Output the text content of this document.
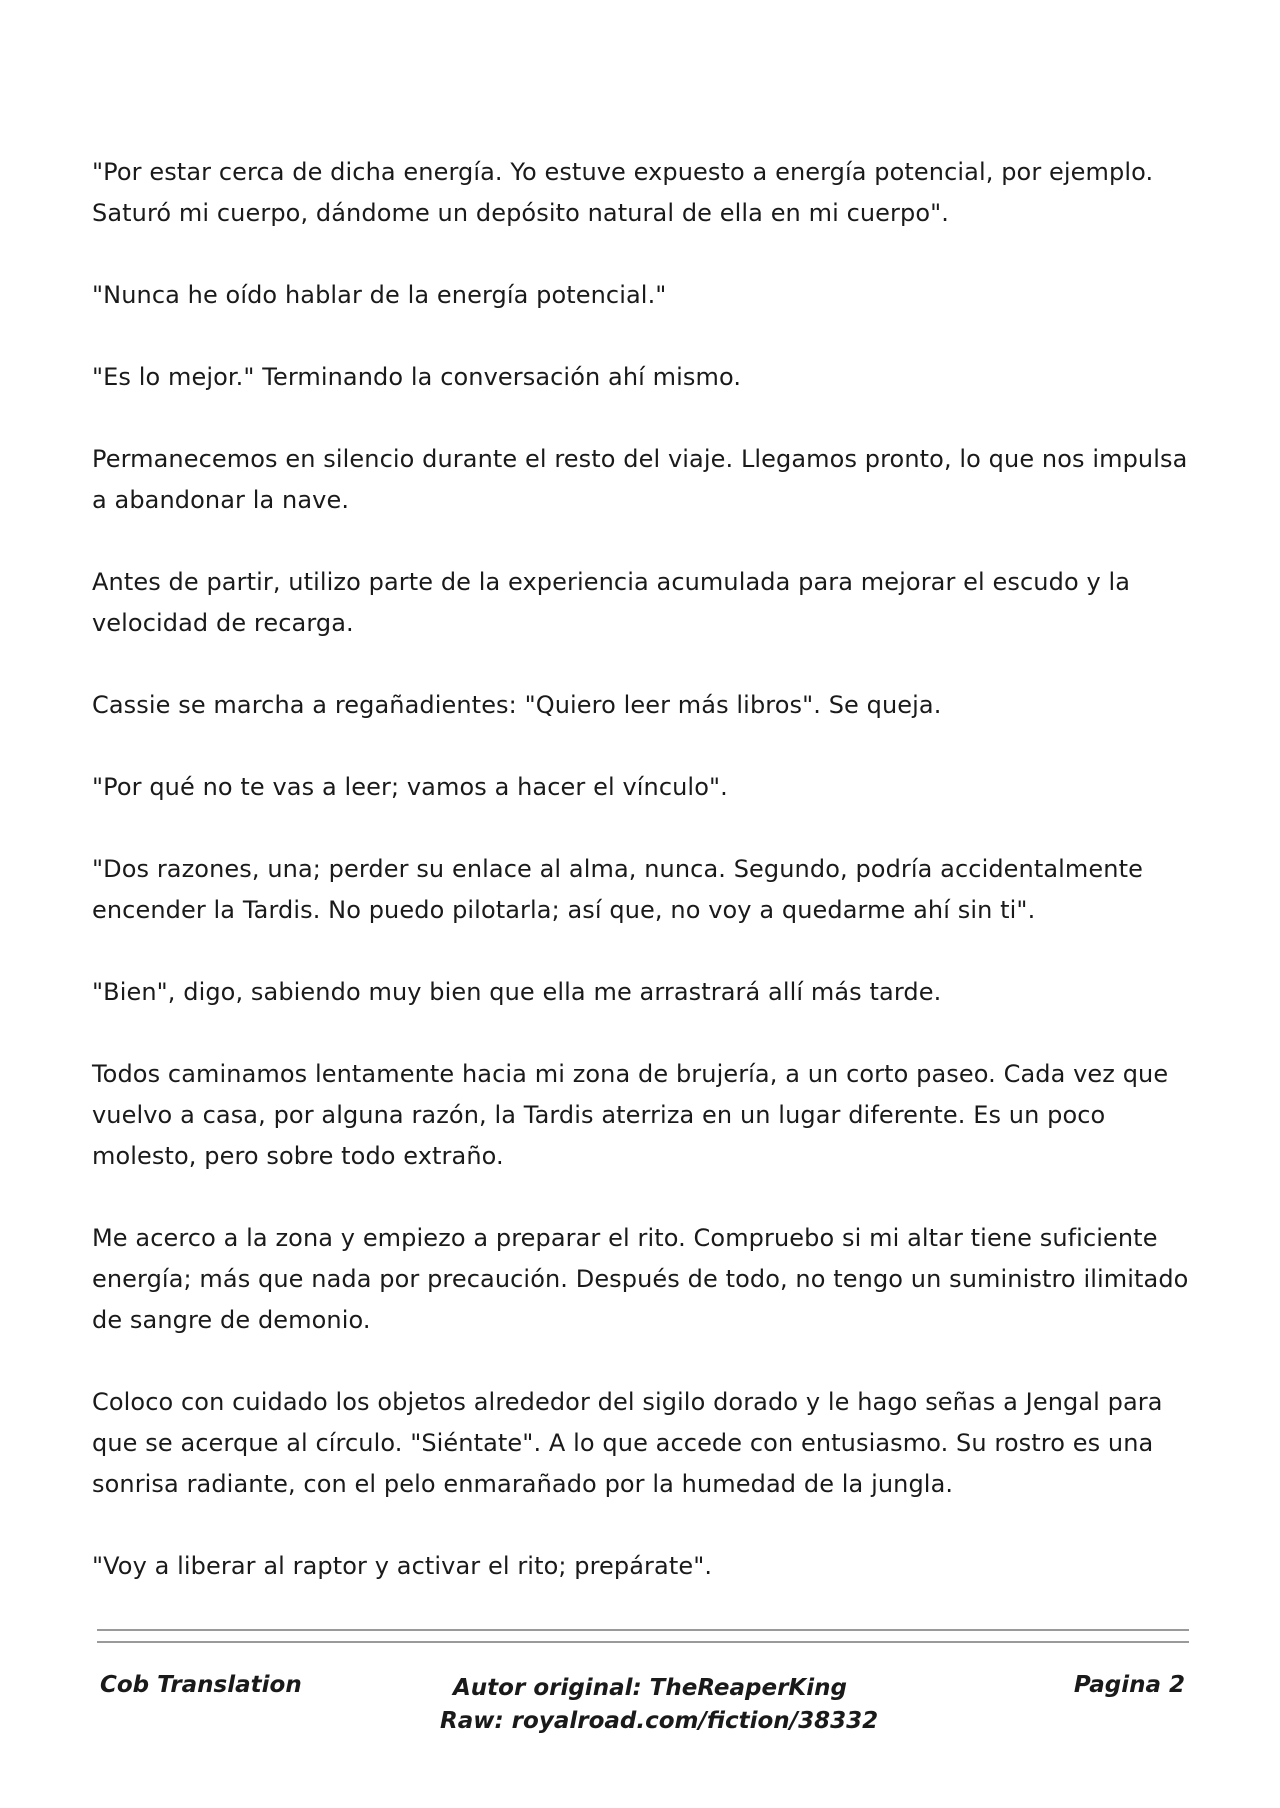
"Por estar cerca de dicha energía. Yo estuve expuesto a energía potencial, por ejemplo. Saturó mi cuerpo, dándome un depósito natural de ella en mi cuerpo".

"Nunca he oído hablar de la energía potencial."

"Es lo mejor." Terminando la conversación ahí mismo.

Permanecemos en silencio durante el resto del viaje. Llegamos pronto, lo que nos impulsa a abandonar la nave.

Antes de partir, utilizo parte de la experiencia acumulada para mejorar el escudo y la velocidad de recarga.

Cassie se marcha a regañadientes: "Quiero leer más libros". Se queja.

"Por qué no te vas a leer; vamos a hacer el vínculo".

"Dos razones, una; perder su enlace al alma, nunca. Segundo, podría accidentalmente encender la Tardis. No puedo pilotarla; así que, no voy a quedarme ahí sin ti".

"Bien", digo, sabiendo muy bien que ella me arrastrará allí más tarde.

Todos caminamos lentamente hacia mi zona de brujería, a un corto paseo. Cada vez que vuelvo a casa, por alguna razón, la Tardis aterriza en un lugar diferente. Es un poco molesto, pero sobre todo extraño.

Me acerco a la zona y empiezo a preparar el rito. Compruebo si mi altar tiene suficiente energía; más que nada por precaución. Después de todo, no tengo un suministro ilimitado de sangre de demonio.

Coloco con cuidado los objetos alrededor del sigilo dorado y le hago señas a Jengal para que se acerque al círculo. "Siéntate". A lo que accede con entusiasmo. Su rostro es una sonrisa radiante, con el pelo enmarañado por la humedad de la jungla.

"Voy a liberar al raptor y activar el rito; prepárate".

Cob Translation	Autor original: TheReaperKing
Raw: royalroad.com/fiction/38332
Pagina 2
